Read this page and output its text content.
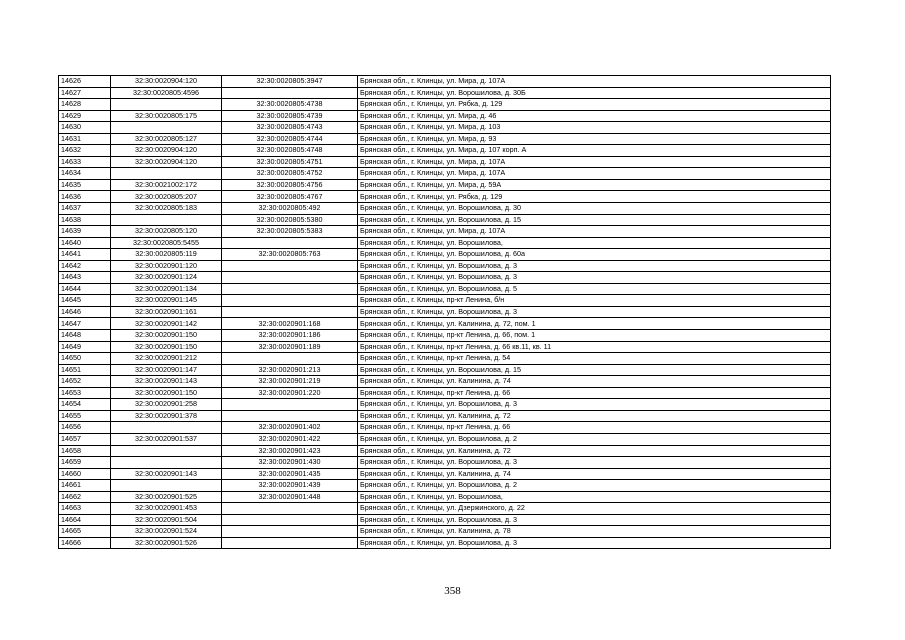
14626	32:30:0020904:120	32:30:0020805:3947	Брянская обл., г. Клинцы, ул. Мира, д. 107А
14627	32:30:0020805:4596		Брянская обл., г. Клинцы, ул. Ворошилова, д. 30Б
14628		32:30:0020805:4738	Брянская обл., г. Клинцы, ул. Рябка, д. 129
14629	32:30:0020805:175	32:30:0020805:4739	Брянская обл., г. Клинцы, ул. Мира, д. 46
14630		32:30:0020805:4743	Брянская обл., г. Клинцы, ул. Мира, д. 103
14631	32:30:0020805:127	32:30:0020805:4744	Брянская обл., г. Клинцы, ул. Мира, д. 93
14632	32:30:0020904:120	32:30:0020805:4748	Брянская обл., г. Клинцы, ул. Мира, д. 107 корп. А
14633	32:30:0020904:120	32:30:0020805:4751	Брянская обл., г. Клинцы, ул. Мира, д. 107А
14634		32:30:0020805:4752	Брянская обл., г. Клинцы, ул. Мира, д. 107А
14635	32:30:0021002:172	32:30:0020805:4756	Брянская обл., г. Клинцы, ул. Мира, д. 59А
14636	32:30:0020805:207	32:30:0020805:4767	Брянская обл., г. Клинцы, ул. Рябка, д. 129
14637	32:30:0020805:183	32:30:0020805:492	Брянская обл., г. Клинцы, ул. Ворошилова, д. 30
14638		32:30:0020805:5380	Брянская обл., г. Клинцы, ул. Ворошилова, д. 15
14639	32:30:0020805:120	32:30:0020805:5383	Брянская обл., г. Клинцы, ул. Мира, д. 107А
14640	32:30:0020805:5455		Брянская обл., г. Клинцы, ул. Ворошилова,
14641	32:30:0020805:119	32:30:0020805:763	Брянская обл., г. Клинцы, ул. Ворошилова, д. 60а
14642	32:30:0020901:120		Брянская обл., г. Клинцы, ул. Ворошилова, д. 3
14643	32:30:0020901:124		Брянская обл., г. Клинцы, ул. Ворошилова, д. 3
14644	32:30:0020901:134		Брянская обл., г. Клинцы, ул. Ворошилова, д. 5
14645	32:30:0020901:145		Брянская обл., г. Клинцы, пр-кт Ленина, б/н
14646	32:30:0020901:161		Брянская обл., г. Клинцы, ул. Ворошилова, д. 3
14647	32:30:0020901:142	32:30:0020901:168	Брянская обл., г. Клинцы, ул. Калинина, д. 72, пом. 1
14648	32:30:0020901:150	32:30:0020901:186	Брянская обл., г. Клинцы, пр-кт Ленина, д. 66, пом. 1
14649	32:30:0020901:150	32:30:0020901:189	Брянская обл., г. Клинцы, пр-кт Ленина, д. 66 кв.11, кв. 11
14650	32:30:0020901:212		Брянская обл., г. Клинцы, пр-кт Ленина, д. 54
14651	32:30:0020901:147	32:30:0020901:213	Брянская обл., г. Клинцы, ул. Ворошилова, д. 15
14652	32:30:0020901:143	32:30:0020901:219	Брянская обл., г. Клинцы, ул. Калинина, д. 74
14653	32:30:0020901:150	32:30:0020901:220	Брянская обл., г. Клинцы, пр-кт Ленина, д. 66
14654	32:30:0020901:258		Брянская обл., г. Клинцы, ул. Ворошилова, д. 3
14655	32:30:0020901:378		Брянская обл., г. Клинцы, ул. Калинина, д. 72
14656		32:30:0020901:402	Брянская обл., г. Клинцы, пр-кт Ленина, д. 66
14657	32:30:0020901:537	32:30:0020901:422	Брянская обл., г. Клинцы, ул. Ворошилова, д. 2
14658		32:30:0020901:423	Брянская обл., г. Клинцы, ул. Калинина, д. 72
14659		32:30:0020901:430	Брянская обл., г. Клинцы, ул. Ворошилова, д. 3
14660	32:30:0020901:143	32:30:0020901:435	Брянская обл., г. Клинцы, ул. Калинина, д. 74
14661		32:30:0020901:439	Брянская обл., г. Клинцы, ул. Ворошилова, д. 2
14662	32:30:0020901:525	32:30:0020901:448	Брянская обл., г. Клинцы, ул. Ворошилова,
14663	32:30:0020901:453		Брянская обл., г. Клинцы, ул. Дзержинского, д. 22
14664	32:30:0020901:504		Брянская обл., г. Клинцы, ул. Ворошилова, д. 3
14665	32:30:0020901:524		Брянская обл., г. Клинцы, ул. Калинина, д. 78
14666	32:30:0020901:526		Брянская обл., г. Клинцы, ул. Ворошилова, д. 3
358
